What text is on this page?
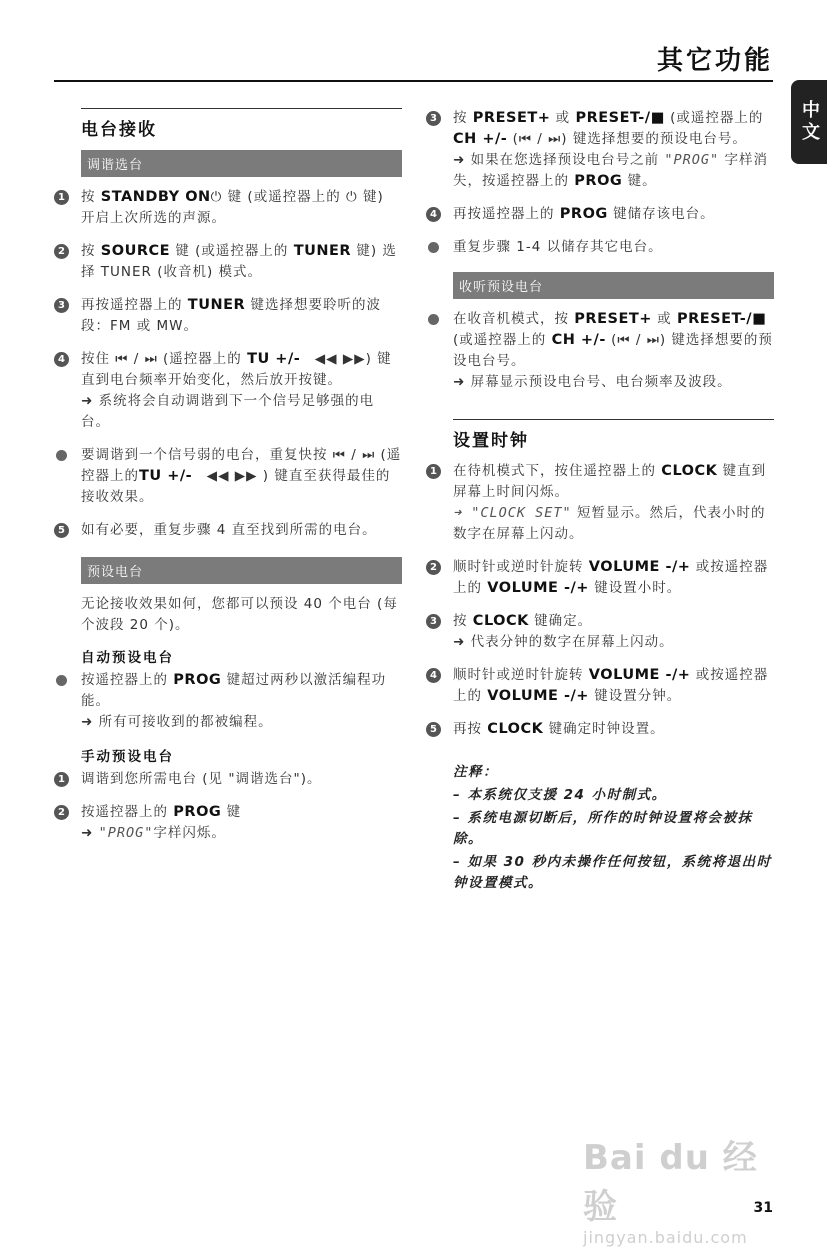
其它功能
中文
电台接收
调谐选台
1 按 STANDBY ON⏻ 键 (或遥控器上的 ⏻ 键) 开启上次所选的声源。
2 按 SOURCE 键 (或遥控器上的 TUNER 键) 选择 TUNER (收音机) 模式。
3 再按遥控器上的 TUNER 键选择想要聆听的波段：FM 或 MW。
4 按住 ⏮ / ⏭ (遥控器上的 TU +/-　◀◀ ▶▶) 键直到电台频率开始变化，然后放开按键。
➜ 系统将会自动调谐到下一个信号足够强的电台。
要调谐到一个信号弱的电台，重复快按 ⏮ / ⏭ (遥控器上的TU +/-　◀◀ ▶▶ ) 键直至获得最佳的接收效果。
5 如有必要，重复步骤 4 直至找到所需的电台。
预设电台
无论接收效果如何，您都可以预设 40 个电台 (每个波段 20 个)。
自动预设电台
按遥控器上的 PROG 键超过两秒以激活编程功能。
➜ 所有可接收到的都被编程。
手动预设电台
1 调谐到您所需电台 (见 "调谐选台")。
2 按遥控器上的 PROG 键
➜ "PROG"字样闪烁。
3 按 PRESET+ 或 PRESET-/■ (或遥控器上的 CH +/- (⏮ / ⏭) 键选择想要的预设电台号。
➜ 如果在您选择预设电台号之前 "PROG" 字样消失，按遥控器上的 PROG 键。
4 再按遥控器上的 PROG 键储存该电台。
重复步骤 1-4 以储存其它电台。
收听预设电台
在收音机模式，按 PRESET+ 或 PRESET-/■ (或遥控器上的 CH +/- (⏮ / ⏭) 键选择想要的预设电台号。
➜ 屏幕显示预设电台号、电台频率及波段。
设置时钟
1 在待机模式下，按住遥控器上的 CLOCK 键直到屏幕上时间闪烁。
➜ "CLOCK SET" 短暂显示。然后，代表小时的数字在屏幕上闪动。
2 顺时针或逆时针旋转 VOLUME -/+ 或按遥控器上的 VOLUME -/+ 键设置小时。
3 按 CLOCK 键确定。
➜ 代表分钟的数字在屏幕上闪动。
4 顺时针或逆时针旋转 VOLUME -/+ 或按遥控器上的 VOLUME -/+ 键设置分钟。
5 再按 CLOCK 键确定时钟设置。
注释：
– 本系统仅支援 24 小时制式。
– 系统电源切断后，所作的时钟设置将会被抹除。
– 如果 30 秒内未操作任何按钮，系统将退出时钟设置模式。
Bai du 经验
jingyan.baidu.com
31
